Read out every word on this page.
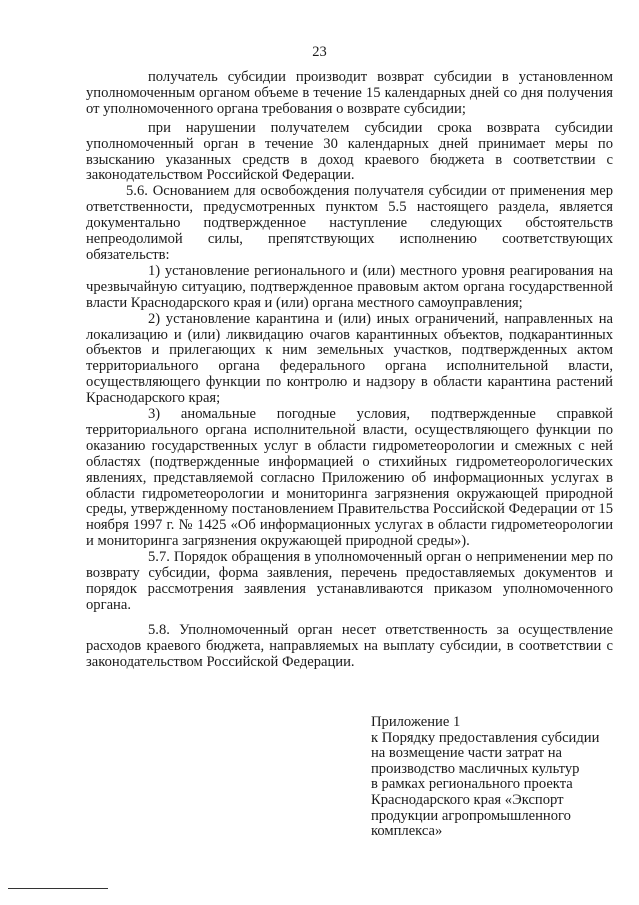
23

получатель субсидии производит возврат субсидии в установленном уполномоченным органом объеме в течение 15 календарных дней со дня получения от уполномоченного органа требования о возврате субсидии;

при нарушении получателем субсидии срока возврата субсидии уполномоченный орган в течение 30 календарных дней принимает меры по взысканию указанных средств в доход краевого бюджета в соответствии с законодательством Российской Федерации.

5.6. Основанием для освобождения получателя субсидии от применения мер ответственности, предусмотренных пунктом 5.5 настоящего раздела, является документально подтвержденное наступление следующих обстоятельств непреодолимой силы, препятствующих исполнению соответствующих обязательств:

1) установление регионального и (или) местного уровня реагирования на чрезвычайную ситуацию, подтвержденное правовым актом органа государственной власти Краснодарского края и (или) органа местного самоуправления;

2) установление карантина и (или) иных ограничений, направленных на локализацию и (или) ликвидацию очагов карантинных объектов, подкарантинных объектов и прилегающих к ним земельных участков, подтвержденных актом территориального органа федерального органа исполнительной власти, осуществляющего функции по контролю и надзору в области карантина растений Краснодарского края;

3) аномальные погодные условия, подтвержденные справкой территориального органа исполнительной власти, осуществляющего функции по оказанию государственных услуг в области гидрометеорологии и смежных с ней областях (подтвержденные информацией о стихийных гидрометеорологических явлениях, представляемой согласно Приложению об информационных услугах в области гидрометеорологии и мониторинга загрязнения окружающей природной среды, утвержденному постановлением Правительства Российской Федерации от 15 ноября 1997 г. № 1425 «Об информационных услугах в области гидрометеорологии и мониторинга загрязнения окружающей природной среды»).

5.7. Порядок обращения в уполномоченный орган о неприменении мер по возврату субсидии, форма заявления, перечень предоставляемых документов и порядок рассмотрения заявления устанавливаются приказом уполномоченного органа.

5.8. Уполномоченный орган несет ответственность за осуществление расходов краевого бюджета, направляемых на выплату субсидии, в соответствии с законодательством Российской Федерации.

Приложение 1
к Порядку предоставления субсидии
на возмещение части затрат на
производство масличных культур
в рамках регионального проекта
Краснодарского края «Экспорт
продукции агропромышленного
комплекса»
